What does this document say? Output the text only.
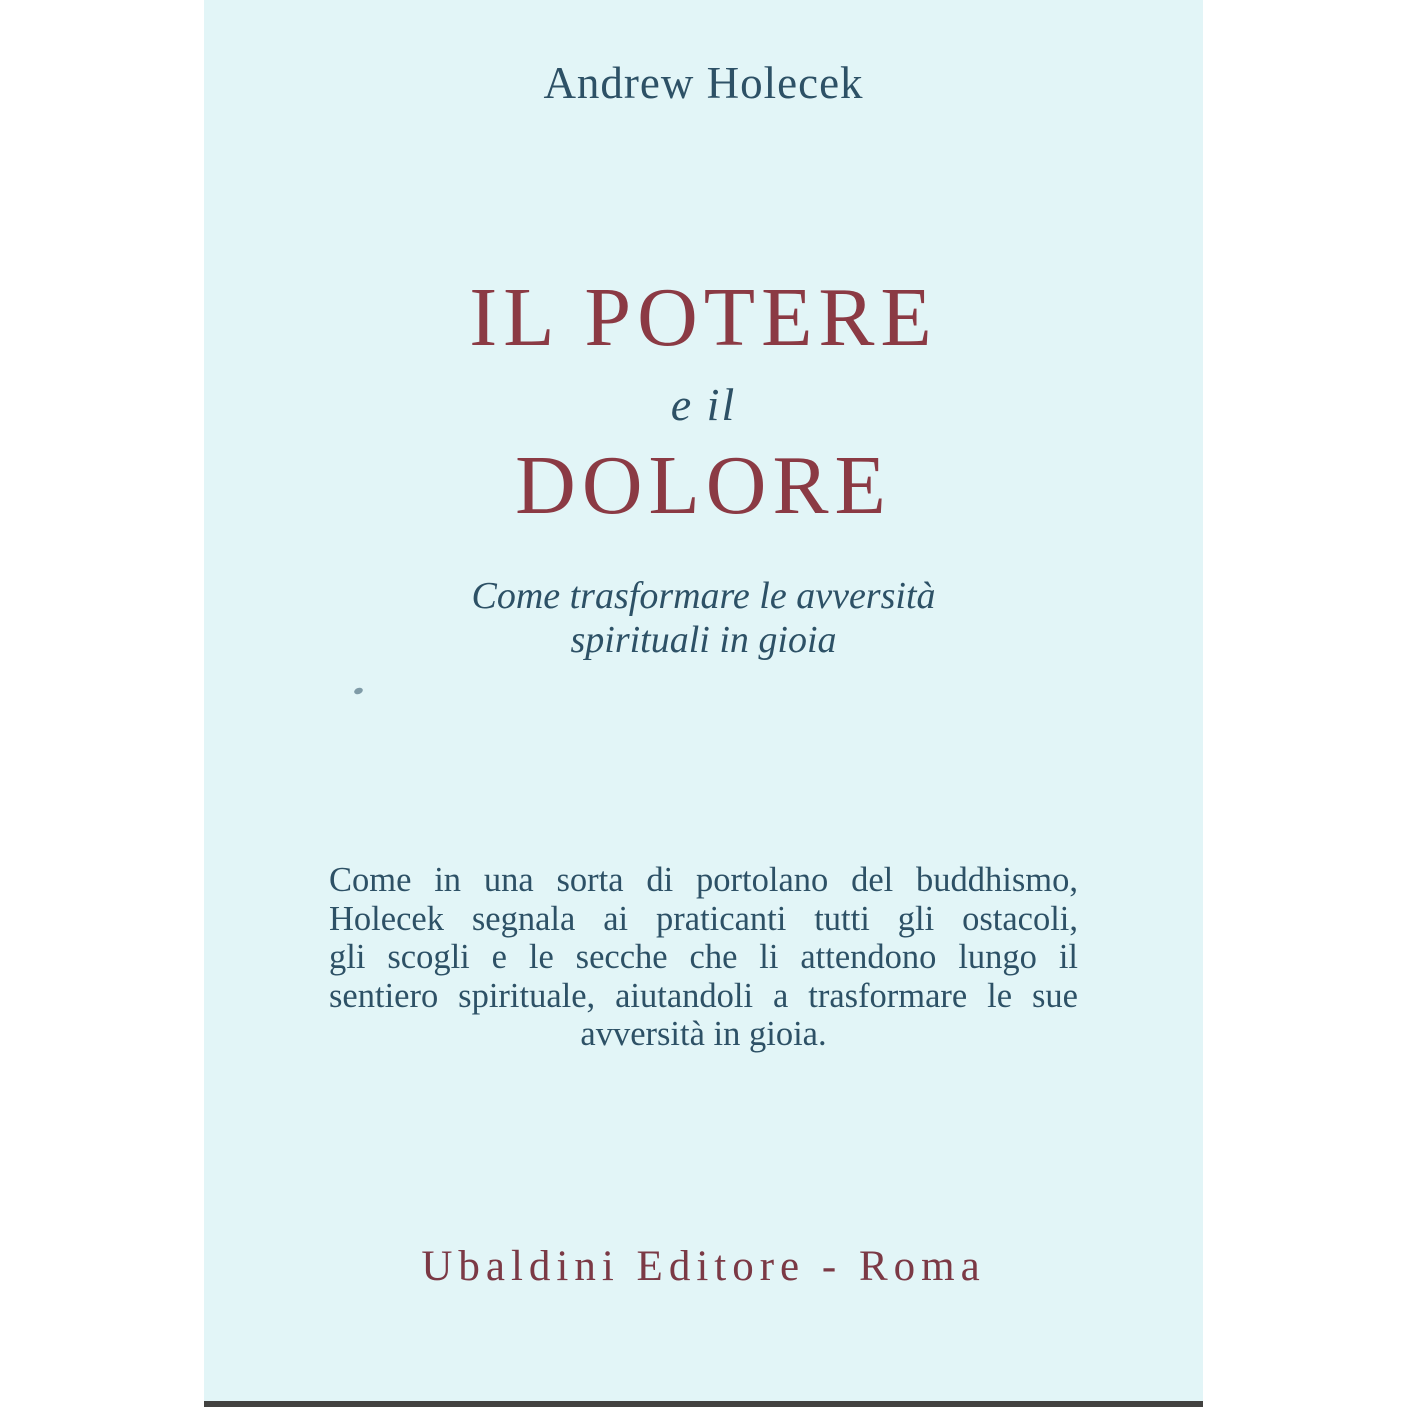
Andrew Holecek
IL POTERE
e il
DOLORE
Come trasformare le avversità
spirituali in gioia
Come in una sorta di portolano del buddhismo,
Holecek segnala ai praticanti tutti gli ostacoli,
gli scogli e le secche che li attendono lungo il
sentiero spirituale, aiutandoli a trasformare le sue
avversità in gioia.
Ubaldini Editore - Roma
